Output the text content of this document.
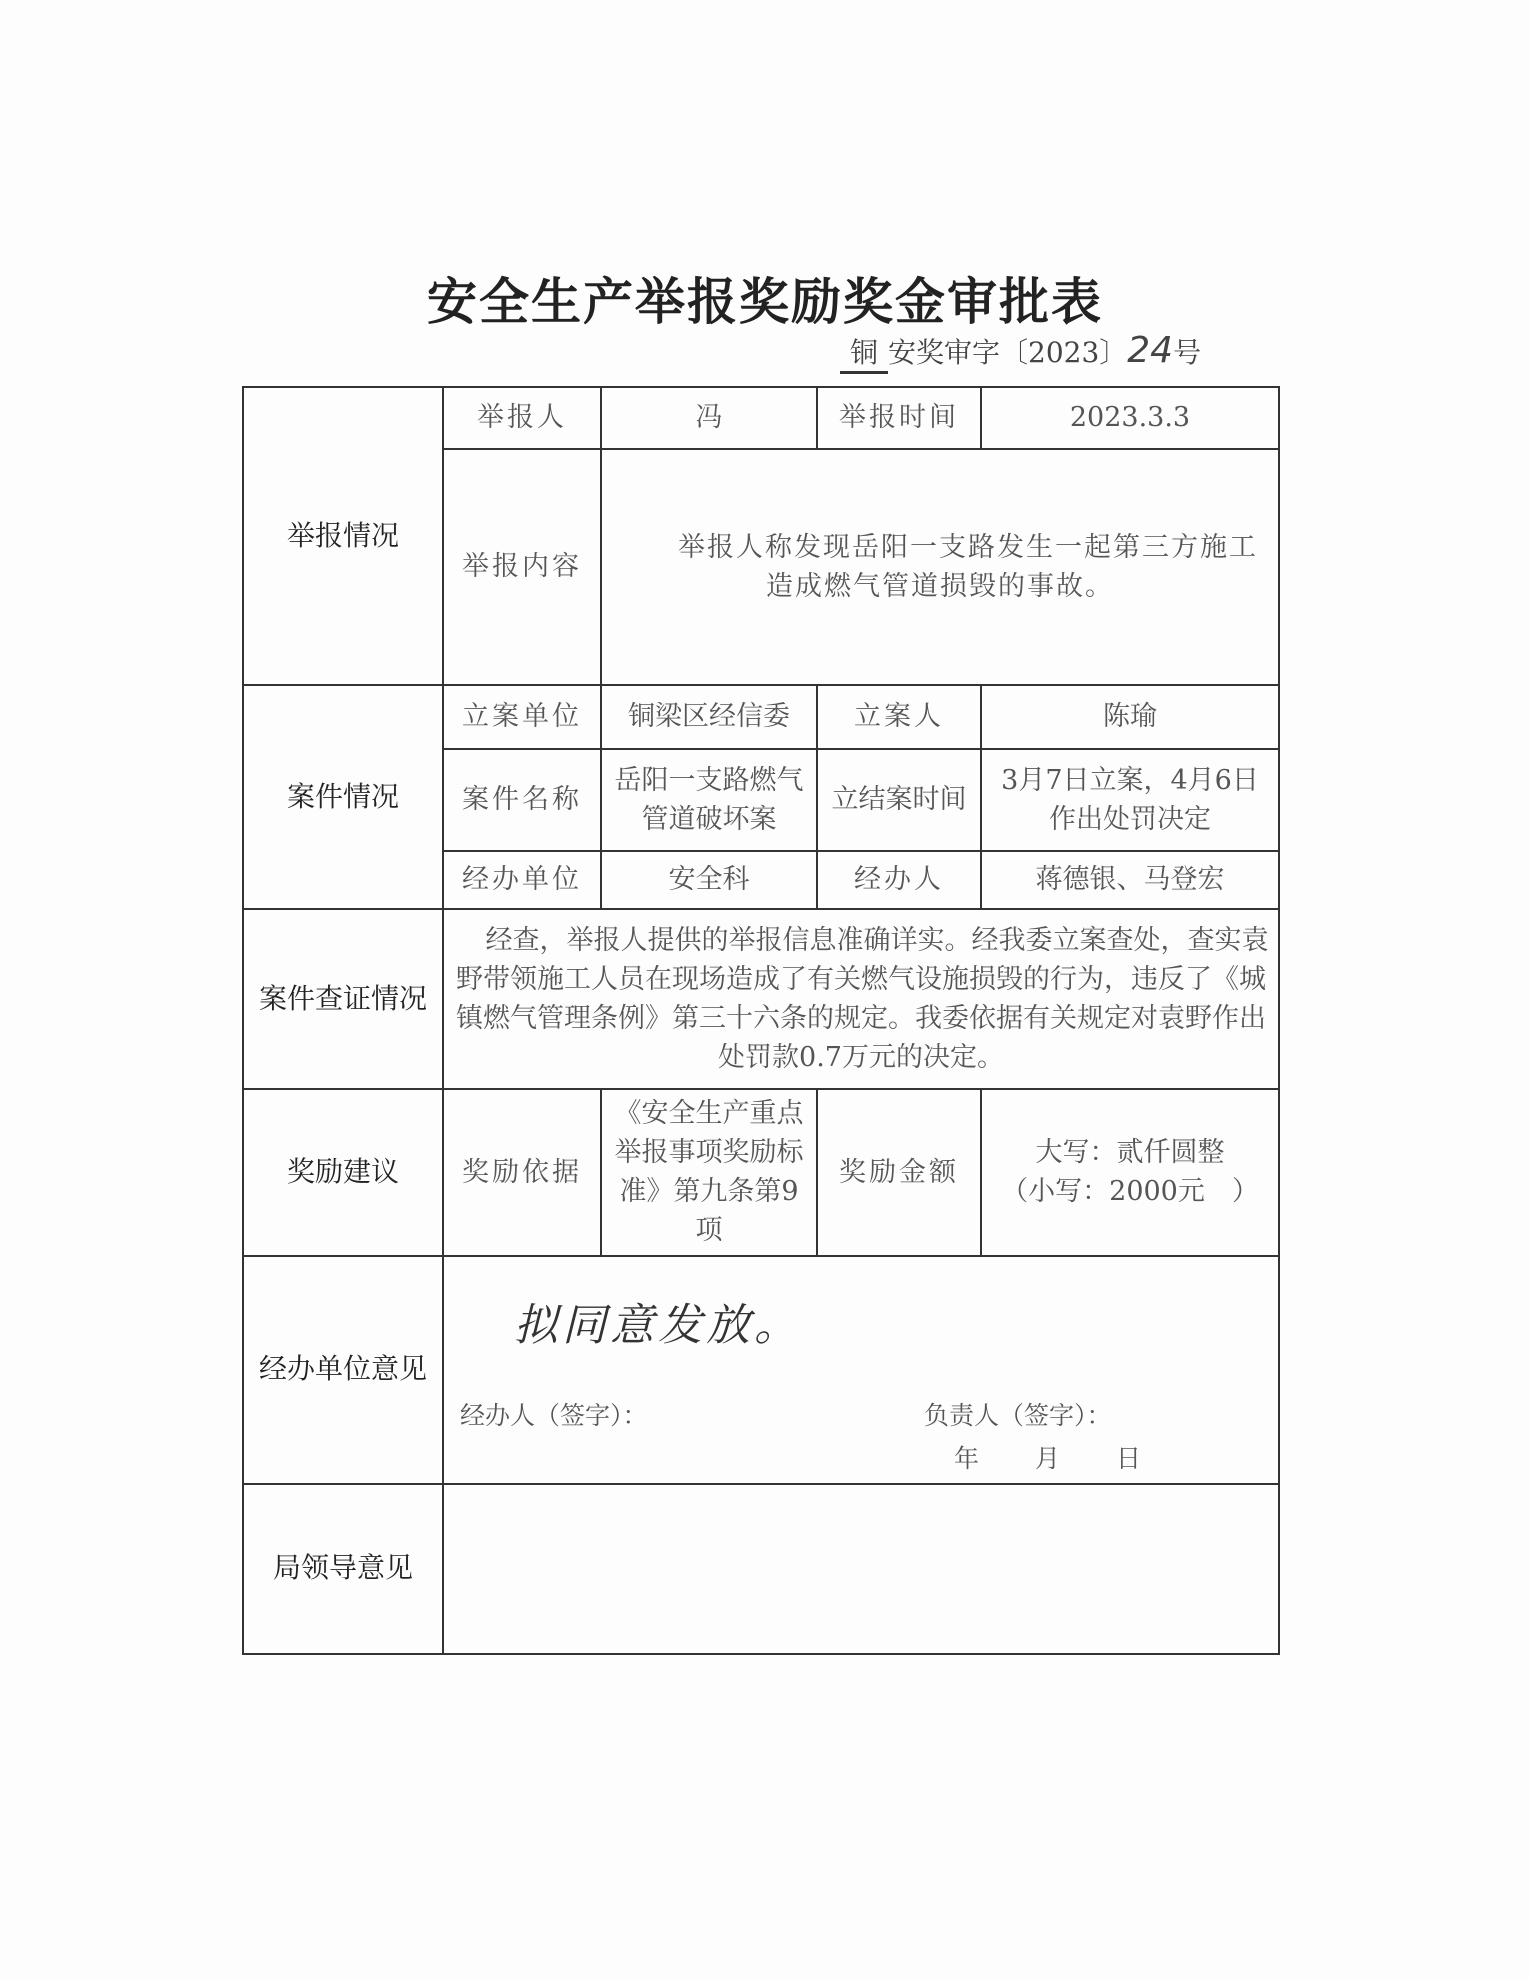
安全生产举报奖励奖金审批表
铜 安奖审字〔2023〕24号
举报情况	举报人	冯	举报时间	2023.3.3
	举报内容	举报人称发现岳阳一支路发生一起第三方施工造成燃气管道损毁的事故。		
案件情况	立案单位	铜梁区经信委	立案人	陈瑜
	案件名称	岳阳一支路燃气管道破坏案	立结案时间	3月7日立案，4月6日作出处罚决定
	经办单位	安全科	经办人	蒋德银、马登宏
案件查证情况	经查，举报人提供的举报信息准确详实。经我委立案查处，查实袁野带领施工人员在现场造成了有关燃气设施损毁的行为，违反了《城镇燃气管理条例》第三十六条的规定。我委依据有关规定对袁野作出处罚款0.7万元的决定。			
奖励建议	奖励依据	《安全生产重点举报事项奖励标准》第九条第9项	奖励金额	大写：贰仟圆整
（小写：2000元　）

经办单位意见	拟同意发放。
经办人（签字）： 负责人（签字）：
年 月 日			

局领导意见				
